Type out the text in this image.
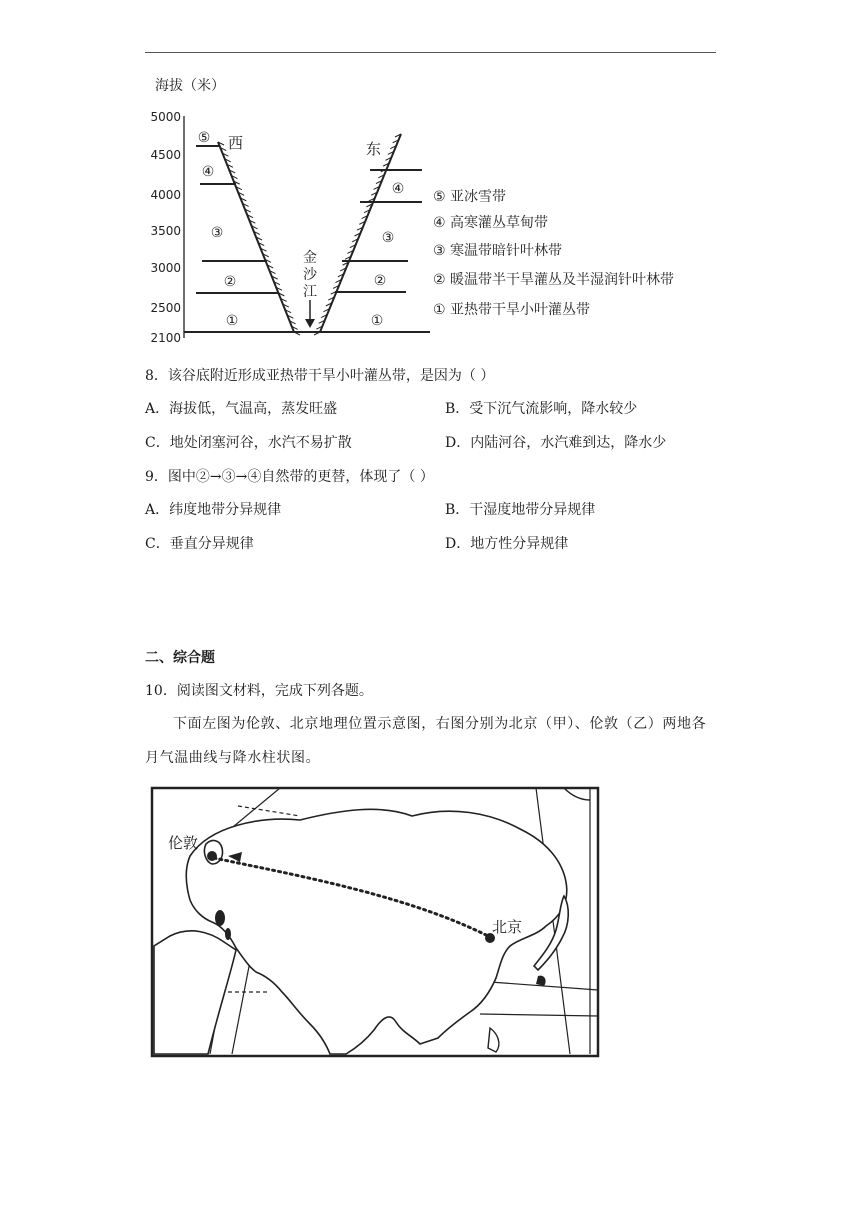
海拔（米）
5000
4500
4000
3500
3000
2500
2100
西	东
⑤
④
③
②
①
④
③
②
①
金
沙
江
⑤ 亚冰雪带
④ 高寒灌丛草甸带
③ 寒温带暗针叶林带
② 暖温带半干旱灌丛及半湿润针叶林带
① 亚热带干旱小叶灌丛带
8．该谷底附近形成亚热带干旱小叶灌丛带，是因为（ ）
A．海拔低，气温高，蒸发旺盛	B．受下沉气流影响，降水较少
C．地处闭塞河谷，水汽不易扩散	D．内陆河谷，水汽难到达，降水少
9．图中②→③→④自然带的更替，体现了（ ）
A．纬度地带分异规律	B．干湿度地带分异规律
C．垂直分异规律	D．地方性分异规律
二、综合题
10．阅读图文材料，完成下列各题。
下面左图为伦敦、北京地理位置示意图，右图分别为北京（甲）、伦敦（乙）两地各月气温曲线与降水柱状图。
伦敦
北京
